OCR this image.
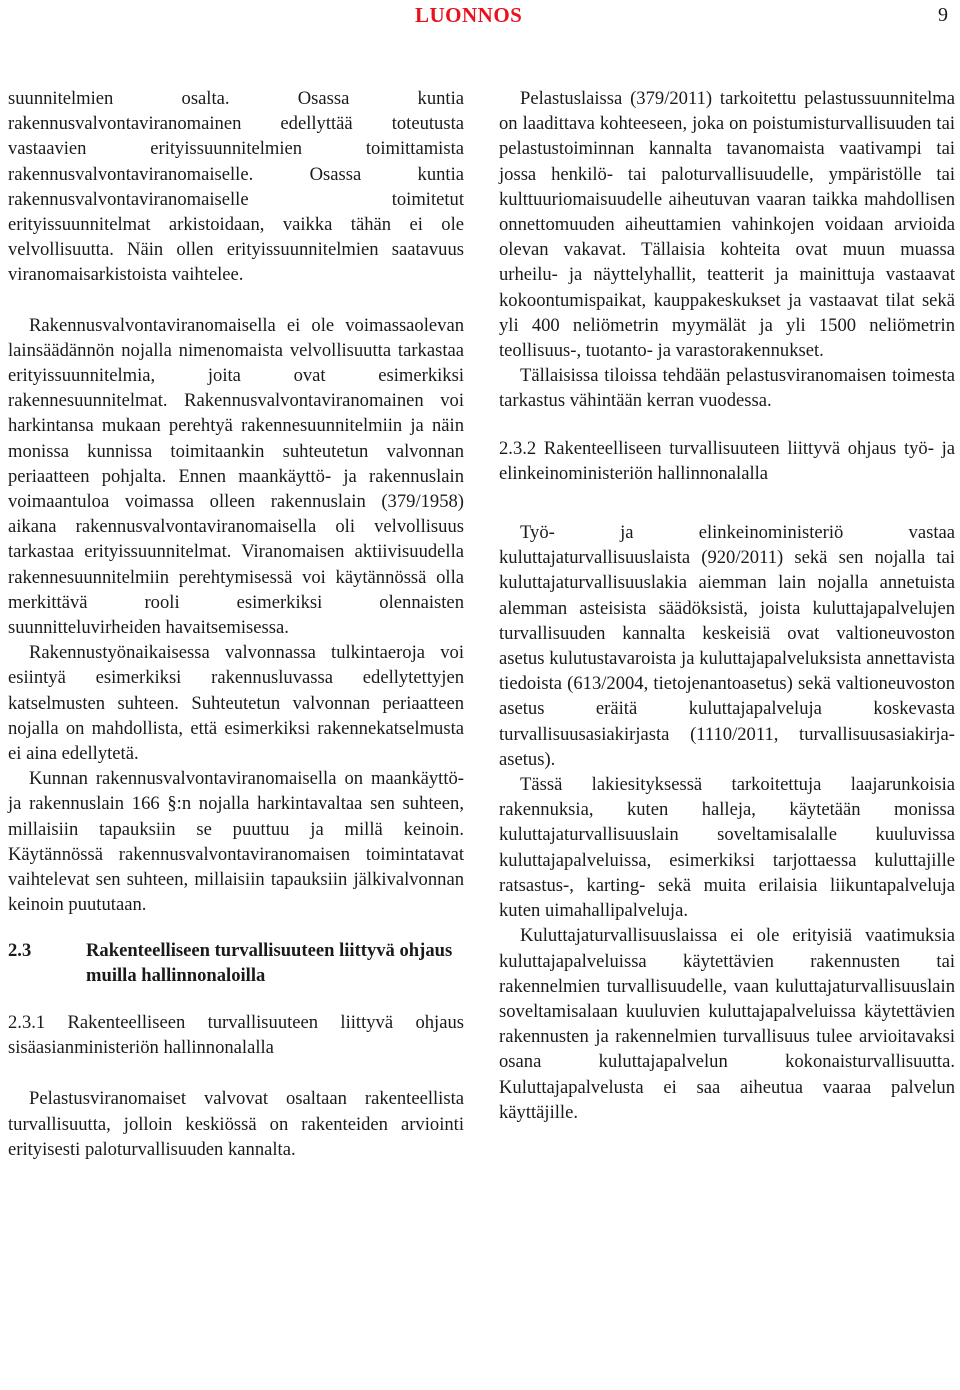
LUONNOS	9

suunnitelmien osalta. Osassa kuntia rakennusvalvontaviranomainen edellyttää toteutusta vastaavien erityissuunnitelmien toimittamista rakennusvalvontaviranomaiselle. Osassa kuntia rakennusvalvontaviranomaiselle toimitetut erityissuunnitelmat arkistoidaan, vaikka tähän ei ole velvollisuutta. Näin ollen erityissuunnitelmien saatavuus viranomaisarkistoista vaihtelee.

Rakennusvalvontaviranomaisella ei ole voimassaolevan lainsäädännön nojalla nimenomaista velvollisuutta tarkastaa erityissuunnitelmia, joita ovat esimerkiksi rakennesuunnitelmat. Rakennusvalvontaviranomainen voi harkintansa mukaan perehtyä rakennesuunnitelmiin ja näin monissa kunnissa toimitaankin suhteutetun valvonnan periaatteen pohjalta. Ennen maankäyttö- ja rakennuslain voimaantuloa voimassa olleen rakennuslain (379/1958) aikana rakennusvalvontaviranomaisella oli velvollisuus tarkastaa erityissuunnitelmat. Viranomaisen aktiivisuudella rakennesuunnitelmiin perehtymisessä voi käytännössä olla merkittävä rooli esimerkiksi olennaisten suunnitteluvirheiden havaitsemisessa.

Rakennustyönaikaisessa valvonnassa tulkintaeroja voi esiintyä esimerkiksi rakennusluvassa edellytettyjen katselmusten suhteen. Suhteutetun valvonnan periaatteen nojalla on mahdollista, että esimerkiksi rakennekatselmusta ei aina edellytetä.

Kunnan rakennusvalvontaviranomaisella on maankäyttö- ja rakennuslain 166 §:n nojalla harkintavaltaa sen suhteen, millaisiin tapauksiin se puuttuu ja millä keinoin. Käytännössä rakennusvalvontaviranomaisen toimintatavat vaihtelevat sen suhteen, millaisiin tapauksiin jälkivalvonnan keinoin puututaan.

2.3	Rakenteelliseen turvallisuuteen liittyvä ohjaus muilla hallinnonaloilla

2.3.1 Rakenteelliseen turvallisuuteen liittyvä ohjaus sisäasianministeriön hallinnonalalla

Pelastusviranomaiset valvovat osaltaan rakenteellista turvallisuutta, jolloin keskiössä on rakenteiden arviointi erityisesti paloturvallisuuden kannalta.

Pelastuslaissa (379/2011) tarkoitettu pelastussuunnitelma on laadittava kohteeseen, joka on poistumisturvallisuuden tai pelastustoiminnan kannalta tavanomaista vaativampi tai jossa henkilö- tai paloturvallisuudelle, ympäristölle tai kulttuuriomaisuudelle aiheutuvan vaaran taikka mahdollisen onnettomuuden aiheuttamien vahinkojen voidaan arvioida olevan vakavat. Tällaisia kohteita ovat muun muassa urheilu- ja näyttelyhallit, teatterit ja mainittuja vastaavat kokoontumispaikat, kauppakeskukset ja vastaavat tilat sekä yli 400 neliömetrin myymälät ja yli 1500 neliömetrin teollisuus-, tuotanto- ja varastorakennukset.

Tällaisissa tiloissa tehdään pelastusviranomaisen toimesta tarkastus vähintään kerran vuodessa.

2.3.2 Rakenteelliseen turvallisuuteen liittyvä ohjaus työ- ja elinkeinoministeriön hallinnonalalla

Työ- ja elinkeinoministeriö vastaa kuluttajaturvallisuuslaista (920/2011) sekä sen nojalla tai kuluttajaturvallisuuslakia aiemman lain nojalla annetuista alemman asteisista säädöksistä, joista kuluttajapalvelujen turvallisuuden kannalta keskeisiä ovat valtioneuvoston asetus kulutustavaroista ja kuluttajapalveluksista annettavista tiedoista (613/2004, tietojenantoasetus) sekä valtioneuvoston asetus eräitä kuluttajapalveluja koskevasta turvallisuusasiakirjasta (1110/2011, turvallisuusasiakirja-asetus).

Tässä lakiesityksessä tarkoitettuja laajarunkoisia rakennuksia, kuten halleja, käytetään monissa kuluttajaturvallisuuslain soveltamisalalle kuuluvissa kuluttajapalveluissa, esimerkiksi tarjottaessa kuluttajille ratsastus-, karting- sekä muita erilaisia liikuntapalveluja kuten uimahallipalveluja.

Kuluttajaturvallisuuslaissa ei ole erityisiä vaatimuksia kuluttajapalveluissa käytettävien rakennusten tai rakennelmien turvallisuudelle, vaan kuluttajaturvallisuuslain soveltamisalaan kuuluvien kuluttajapalveluissa käytettävien rakennusten ja rakennelmien turvallisuus tulee arvioitavaksi osana kuluttajapalvelun kokonaisturvallisuutta. Kuluttajapalvelusta ei saa aiheutua vaaraa palvelun käyttäjille.
